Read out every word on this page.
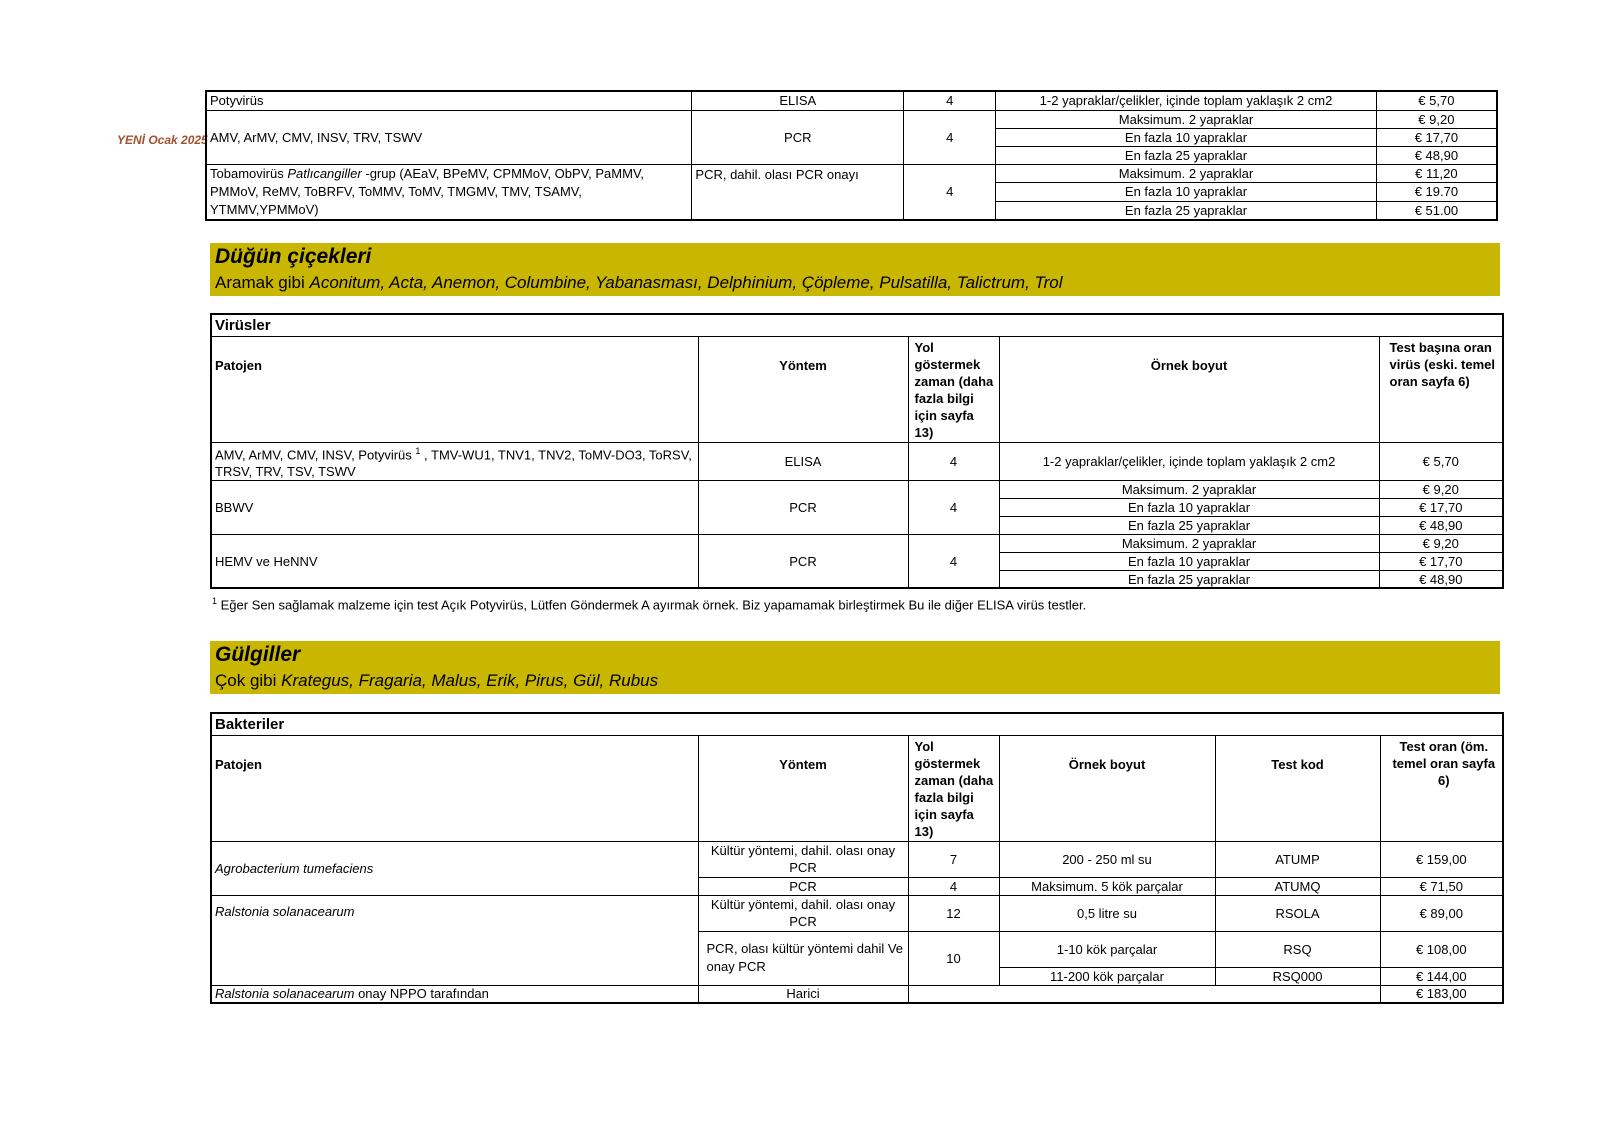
YENİ Ocak 2025
Potyvirüs	ELISA	4	1-2 yapraklar/çelikler, içinde toplam yaklaşık 2 cm2	€ 5,70
AMV, ArMV, CMV, INSV, TRV, TSWV	PCR	4	Maksimum. 2 yapraklar	€ 9,20
			En fazla 10 yapraklar	€ 17,70
			En fazla 25 yapraklar	€ 48,90
Tobamovirüs Patlıcangiller -grup (AEaV, BPeMV, CPMMoV, ObPV, PaMMV, PMMoV, ReMV, ToBRFV, ToMMV, ToMV, TMGMV, TMV, TSAMV, YTMMV,YPMMoV)	PCR, dahil. olası PCR onayı	4	Maksimum. 2 yapraklar	€ 11,20
			En fazla 10 yapraklar	€ 19.70
			En fazla 25 yapraklar	€ 51.00
Düğün çiçekleri
Aramak gibi Aconitum, Acta, Anemon, Columbine, Yabanasması, Delphinium, Çöpleme, Pulsatilla, Talictrum, Trol
Virüsler				
Patojen	Yöntem	Yol göstermek zaman (daha fazla bilgi için sayfa 13)	Örnek boyut	Test başına oran virüs (eski. temel oran sayfa 6)
AMV, ArMV, CMV, INSV, Potyvirüs $^1$ , TMV-WU1, TNV1, TNV2, ToMV-DO3, ToRSV, TRSV, TRV, TSV, TSWV	ELISA	4	1-2 yapraklar/çelikler, içinde toplam yaklaşık 2 cm2	€ 5,70
BBWV	PCR	4	Maksimum. 2 yapraklar	€ 9,20
			En fazla 10 yapraklar	€ 17,70
			En fazla 25 yapraklar	€ 48,90
HEMV ve HeNNV	PCR	4	Maksimum. 2 yapraklar	€ 9,20
			En fazla 10 yapraklar	€ 17,70
			En fazla 25 yapraklar	€ 48,90
$^1$ Eğer Sen sağlamak malzeme için test Açık Potyvirüs, Lütfen Göndermek A ayırmak örnek. Biz yapamamak birleştirmek Bu ile diğer ELISA virüs testler.
Gülgiller
Çok gibi Krategus, Fragaria, Malus, Erik, Pirus, Gül, Rubus
Bakteriler					
Patojen	Yöntem	Yol göstermek zaman (daha fazla bilgi için sayfa 13)	Örnek boyut	Test kod	Test oran (öm. temel oran sayfa 6)
Agrobacterium tumefaciens	Kültür yöntemi, dahil. olası onay PCR	7	200 - 250 ml su	ATUMP	€ 159,00
	PCR	4	Maksimum. 5 kök parçalar	ATUMQ	€ 71,50
Ralstonia solanacearum	Kültür yöntemi, dahil. olası onay PCR	12	0,5 litre su	RSOLA	€ 89,00
	PCR, olası kültür yöntemi dahil Ve onay PCR	10	1-10 kök parçalar	RSQ	€ 108,00
			11-200 kök parçalar	RSQ000	€ 144,00
Ralstonia solanacearum onay NPPO tarafından	Harici				€ 183,00
